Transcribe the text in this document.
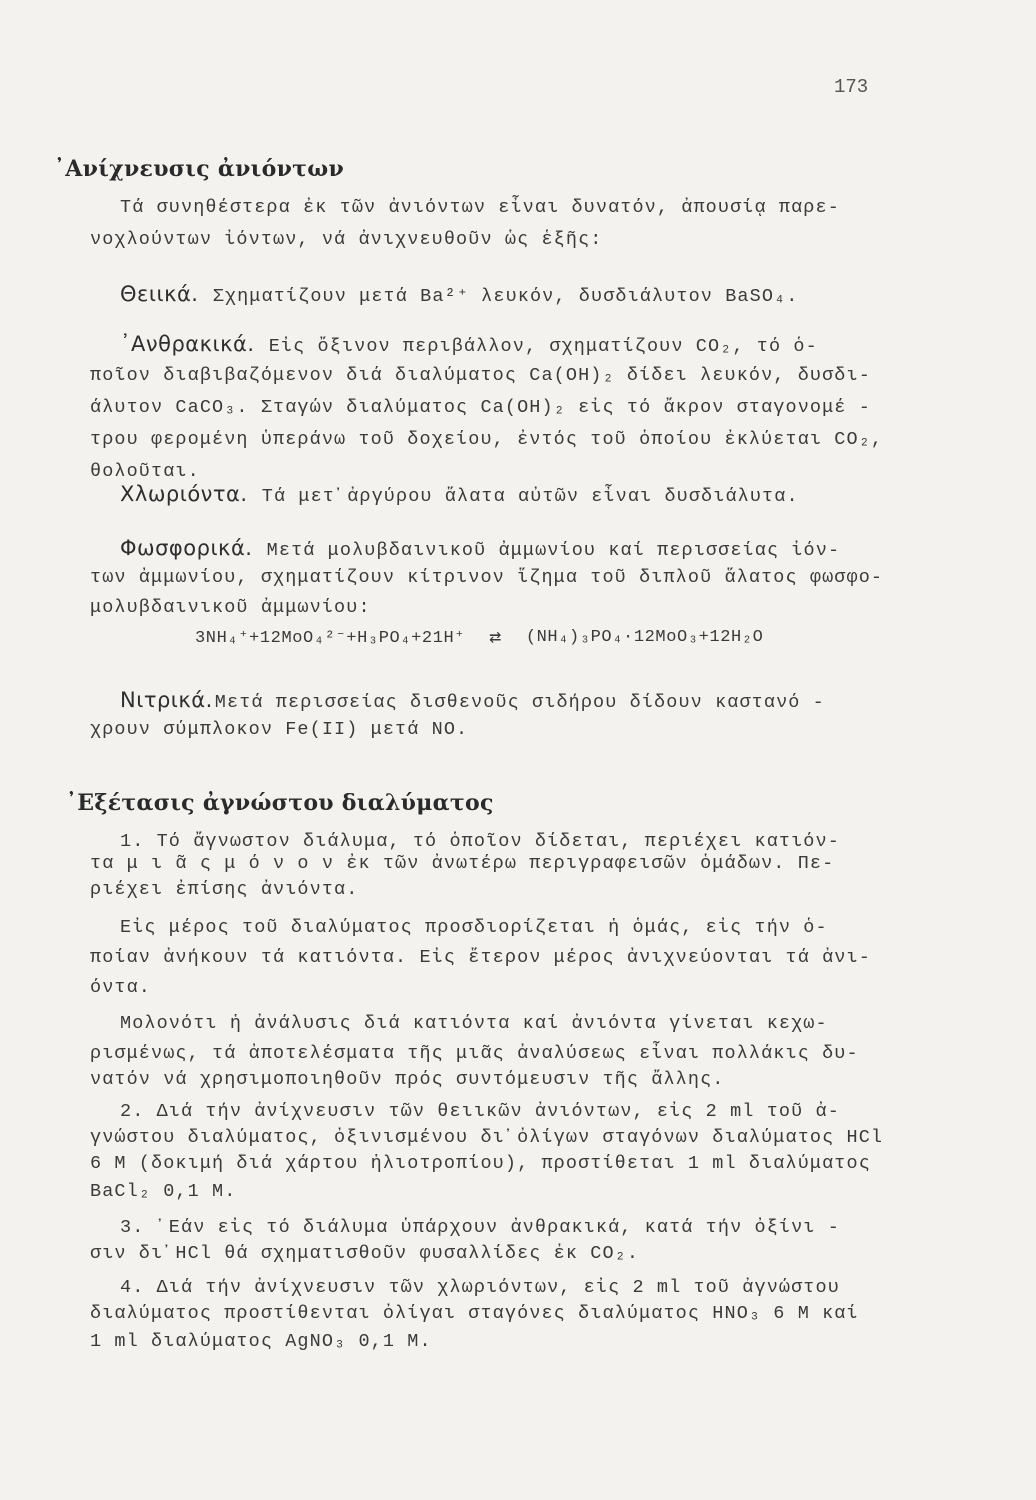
173
᾿Ανίχνευσις ἀνιόντων
Τά συνηθέστερα ἐκ τῶν ἀνιόντων εἶναι δυνατόν, ἀπουσίᾳ παρε-
νοχλούντων ἰόντων, νά ἀνιχνευθοῦν ὡς ἑξῆς:
Θειικά. Σχηματίζουν μετά Ba²⁺ λευκόν, δυσδιάλυτον BaSO₄.
᾿Ανθρακικά. Εἰς ὄξινον περιβάλλον, σχηματίζουν CO₂, τό ὁ-
ποῖον διαβιβαζόμενον διά διαλύματος Ca(OH)₂ δίδει λευκόν, δυσδι-
άλυτον CaCO₃. Σταγών διαλύματος Ca(OH)₂ εἰς τό ἄκρον σταγονομέ -
τρου φερομένη ὑπεράνω τοῦ δοχείου, ἐντός τοῦ ὁποίου ἐκλύεται CO₂,
θολοῦται.
Χλωριόντα. Τά μετ᾿ἀργύρου ἅλατα αὐτῶν εἶναι δυσδιάλυτα.
Φωσφορικά. Μετά μολυβδαινικοῦ ἀμμωνίου καί περισσείας ἰόν-
των ἀμμωνίου, σχηματίζουν κίτρινον ἵζημα τοῦ διπλοῦ ἅλατος φωσφο-
μολυβδαινικοῦ ἀμμωνίου:
3NH₄⁺+12MoO₄²⁻+H₃PO₄+21H⁺ ⇄ (NH₄)₃PO₄·12MoO₃+12H₂O
Νιτρικά. Μετά περισσείας δισθενοῦς σιδήρου δίδουν καστανό -
χρουν σύμπλοκον Fe(II) μετά NO.
᾿Εξέτασις ἀγνώστου διαλύματος
1. Τό ἄγνωστον διάλυμα, τό ὁποῖον δίδεται, περιέχει κατιόν-
τα μ ι ᾶ ς μ ό ν ο ν ἐκ τῶν ἀνωτέρω περιγραφεισῶν ὁμάδων. Πε-
ριέχει ἐπίσης ἀνιόντα.
Εἰς μέρος τοῦ διαλύματος προσδιορίζεται ἡ ὁμάς, εἰς τήν ὁ-
ποίαν ἀνήκουν τά κατιόντα. Εἰς ἕτερον μέρος ἀνιχνεύονται τά ἀνι-
όντα.
Μολονότι ἡ ἀνάλυσις διά κατιόντα καί ἀνιόντα γίνεται κεχω-
ρισμένως, τά ἀποτελέσματα τῆς μιᾶς ἀναλύσεως εἶναι πολλάκις δυ-
νατόν νά χρησιμοποιηθοῦν πρός συντόμευσιν τῆς ἄλλης.
2. Διά τήν ἀνίχνευσιν τῶν θειικῶν ἀνιόντων, εἰς 2 ml τοῦ ἀ-
γνώστου διαλύματος, ὀξινισμένου δι᾿ὀλίγων σταγόνων διαλύματος HCl
6 M (δοκιμή διά χάρτου ἡλιοτροπίου), προστίθεται 1 ml διαλύματος
BaCl₂ 0,1 M.
3. ᾿Εάν εἰς τό διάλυμα ὑπάρχουν ἀνθρακικά, κατά τήν ὀξίνι -
σιν δι᾿HCl θά σχηματισθοῦν φυσαλλίδες ἐκ CO₂.
4. Διά τήν ἀνίχνευσιν τῶν χλωριόντων, εἰς 2 ml τοῦ ἀγνώστου
διαλύματος προστίθενται ὀλίγαι σταγόνες διαλύματος HNO₃ 6 M καί
1 ml διαλύματος AgNO₃ 0,1 M.
